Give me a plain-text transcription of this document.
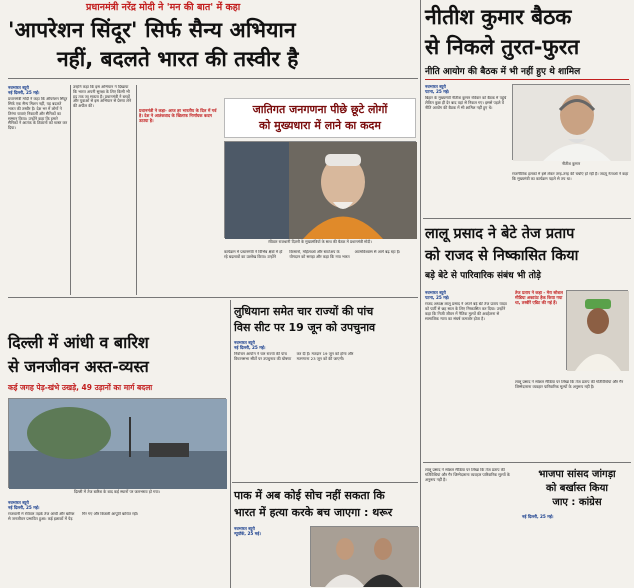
प्रधानमंत्री नरेंद्र मोदी ने 'मन की बात' में कहा
'आपरेशन सिंदूर' सिर्फ सैन्य अभियान
नहीं, बदलते भारत की तस्वीर है
नवभारत ब्यूरो
नई दिल्ली, 25 मई।
प्रधानमंत्री मोदी ने कहा कि ऑपरेशन सिंदूर सिर्फ एक सैन्य मिशन नहीं, यह बदलते भारत की तस्वीर है। देश भर में लोगों ने तिरंगा यात्राएं निकालीं और सैनिकों का सम्मान किया। उन्होंने कहा कि हमारे सैनिकों ने आतंक के ठिकानों को ध्वस्त कर दिया।
उन्होंने कहा कि इस अभियान ने दिखाया कि भारत अपनी सुरक्षा के लिए किसी भी हद तक जा सकता है। प्रधानमंत्री ने बच्चों और युवाओं से इस अभियान से प्रेरणा लेने की अपील की।
प्रधानमंत्री ने कहा- आज हर भारतीय के दिल में गर्व है। देश ने आतंकवाद के खिलाफ निर्णायक कदम उठाया है।
जातिगत जनगणना पीछे छूटे लोगों
को मुख्यधारा में लाने का कदम
रविवार राजधानी दिल्ली के मुख्यमंत्रियों के साथ की बैठक में प्रधानमंत्री मोदी।
कार्यक्रम में प्रधानमंत्री ने विभिन्न क्षेत्रों में हो रहे बदलावों का उल्लेख किया। उन्होंने किसानों, महिलाओं और स्टार्टअप के योगदान को सराहा और कहा कि नया भारत आत्मविश्वास से आगे बढ़ रहा है।
नीतीश कुमार बैठक
से निकले तुरत-फुरत
नीति आयोग की बैठक में भी नहीं हुए थे शामिल
नवभारत ब्यूरो
पटना, 25 मई।
बिहार के मुख्यमंत्री नीतीश कुमार रविवार को बैठक में पहुंचे लेकिन कुछ ही देर बाद वहां से निकल गए। इससे पहले वे नीति आयोग की बैठक में भी शामिल नहीं हुए थे।
नीतीश कुमार
राजनीतिक हलकों में इसे लेकर तरह-तरह की चर्चाएं हो रही हैं। जदयू नेताओं ने कहा कि मुख्यमंत्री का कार्यक्रम पहले से तय था।
लालू प्रसाद ने बेटे तेज प्रताप
को राजद से निष्कासित किया
बड़े बेटे से पारिवारिक संबंध भी तोड़े
नवभारत ब्यूरो
पटना, 25 मई।
राजद अध्यक्ष लालू प्रसाद ने अपने बड़े बेटे तेज प्रताप यादव को पार्टी से छह साल के लिए निष्कासित कर दिया। उन्होंने कहा कि निजी जीवन में नैतिक मूल्यों की अवहेलना से सामाजिक न्याय का संघर्ष कमजोर होता है।
तेज प्रताप ने कहा - मेरा सोशल मीडिया अकाउंट हैक किया गया था, तस्वीरें एडिट की गई हैं।
लालू प्रसाद ने सोशल मीडिया पर लिखा कि तेज प्रताप की गतिविधियां और गैर जिम्मेदाराना व्यवहार पारिवारिक मूल्यों के अनुरूप नहीं है।
भाजपा सांसद जांगड़ा
को बर्खास्त किया
जाए : कांग्रेस
नई दिल्ली, 25 मई।
लालू प्रसाद ने सोशल मीडिया पर लिखा कि तेज प्रताप की गतिविधियां और गैर जिम्मेदाराना व्यवहार पारिवारिक मूल्यों के अनुरूप नहीं है।
दिल्ली में आंधी व बारिश
से जनजीवन अस्त-व्यस्त
कई जगह पेड़-खंभे उखड़े, 49 उड़ानों का मार्ग बदला
दिल्ली में तेज बारिश के बाद कई स्थानों पर जलभराव हो गया।
नवभारत ब्यूरो
नई दिल्ली, 25 मई।
राजधानी में रविवार तड़के तेज आंधी और बारिश से जनजीवन प्रभावित हुआ। कई इलाकों में पेड़ गिर गए और बिजली आपूर्ति बाधित रही।
लुधियाना समेत चार राज्यों की पांच
विस सीट पर 19 जून को उपचुनाव
नवभारत ब्यूरो
नई दिल्ली, 25 मई।
निर्वाचन आयोग ने चार राज्यों की पांच विधानसभा सीटों पर उपचुनाव की घोषणा कर दी है। मतदान 19 जून को होगा और मतगणना 23 जून को की जाएगी।
पाक में अब कोई सोच नहीं सकता कि
भारत में हत्या करके बच जाएगा : थरूर
नवभारत ब्यूरो
न्यूयॉर्क, 25 मई।
